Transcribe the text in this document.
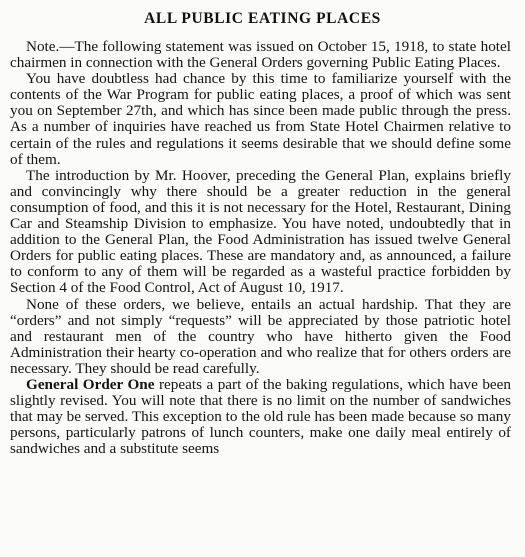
ALL PUBLIC EATING PLACES

Note.—The following statement was issued on October 15, 1918, to state hotel chairmen in connection with the General Orders governing Public Eating Places.

You have doubtless had chance by this time to familiarize yourself with the contents of the War Program for public eating places, a proof of which was sent you on September 27th, and which has since been made public through the press. As a number of inquiries have reached us from State Hotel Chairmen relative to certain of the rules and regulations it seems desirable that we should define some of them.

The introduction by Mr. Hoover, preceding the General Plan, explains briefly and convincingly why there should be a greater reduction in the general consumption of food, and this it is not necessary for the Hotel, Restaurant, Dining Car and Steamship Division to emphasize. You have noted, undoubtedly that in addition to the General Plan, the Food Administration has issued twelve General Orders for public eating places. These are mandatory and, as announced, a failure to conform to any of them will be regarded as a wasteful practice forbidden by Section 4 of the Food Control, Act of August 10, 1917.

None of these orders, we believe, entails an actual hardship. That they are “orders” and not simply “requests” will be appreciated by those patriotic hotel and restaurant men of the country who have hitherto given the Food Administration their hearty co-operation and who realize that for others orders are necessary. They should be read carefully.

General Order One repeats a part of the baking regulations, which have been slightly revised. You will note that there is no limit on the number of sandwiches that may be served. This exception to the old rule has been made because so many persons, particularly patrons of lunch counters, make one daily meal entirely of sandwiches and a substitute seems
